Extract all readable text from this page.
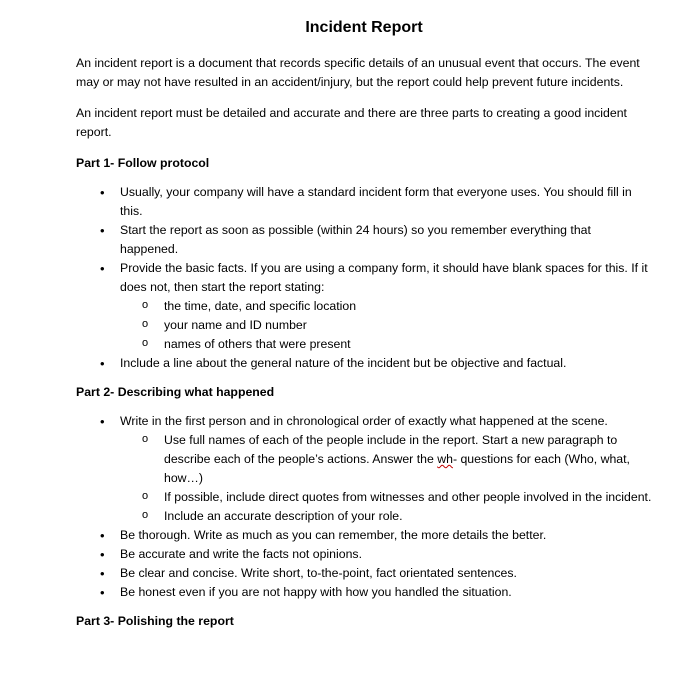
Incident Report

An incident report is a document that records specific details of an unusual event that occurs. The event may or may not have resulted in an accident/injury, but the report could help prevent future incidents.

An incident report must be detailed and accurate and there are three parts to creating a good incident report.

Part 1- Follow protocol
• Usually, your company will have a standard incident form that everyone uses. You should fill in this.
• Start the report as soon as possible (within 24 hours) so you remember everything that happened.
• Provide the basic facts. If you are using a company form, it should have blank spaces for this. If it does not, then start the report stating:
o the time, date, and specific location
o your name and ID number
o names of others that were present
• Include a line about the general nature of the incident but be objective and factual.
Part 2- Describing what happened
• Write in the first person and in chronological order of exactly what happened at the scene.
o Use full names of each of the people include in the report. Start a new paragraph to describe each of the people’s actions. Answer the wh- questions for each (Who, what, how…)
o If possible, include direct quotes from witnesses and other people involved in the incident.
o Include an accurate description of your role.
• Be thorough. Write as much as you can remember, the more details the better.
• Be accurate and write the facts not opinions.
• Be clear and concise. Write short, to-the-point, fact orientated sentences.
• Be honest even if you are not happy with how you handled the situation.
Part 3- Polishing the report
